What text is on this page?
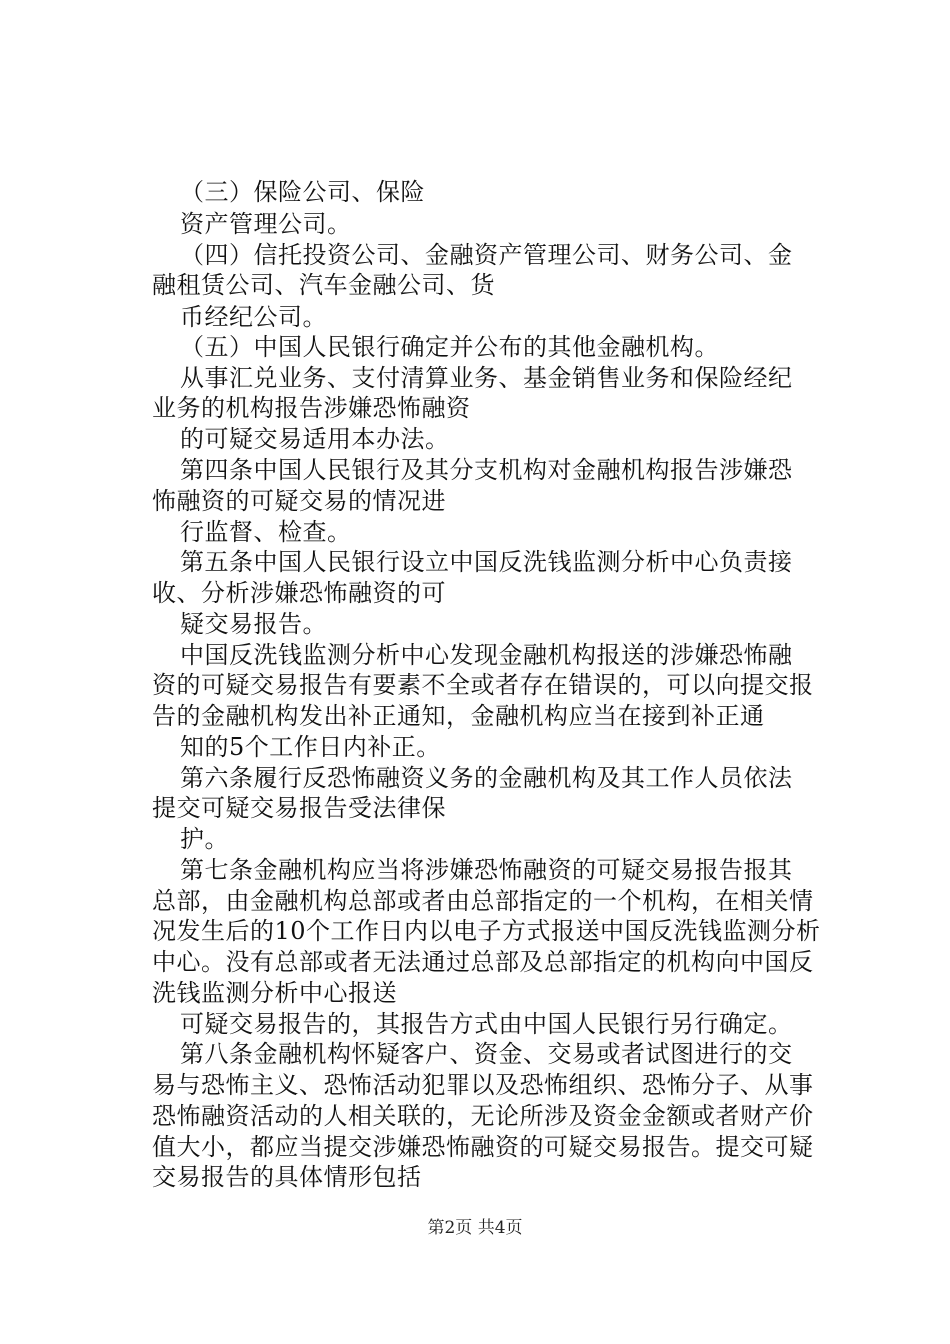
（三）保险公司、保险
资产管理公司。
（四）信托投资公司、金融资产管理公司、财务公司、金
融租赁公司、汽车金融公司、货
币经纪公司。
（五）中国人民银行确定并公布的其他金融机构。
从事汇兑业务、支付清算业务、基金销售业务和保险经纪
业务的机构报告涉嫌恐怖融资
的可疑交易适用本办法。
第四条中国人民银行及其分支机构对金融机构报告涉嫌恐
怖融资的可疑交易的情况进
行监督、检查。
第五条中国人民银行设立中国反洗钱监测分析中心负责接
收、分析涉嫌恐怖融资的可
疑交易报告。
中国反洗钱监测分析中心发现金融机构报送的涉嫌恐怖融
资的可疑交易报告有要素不全或者存在错误的，可以向提交报
告的金融机构发出补正通知，金融机构应当在接到补正通
知的5个工作日内补正。
第六条履行反恐怖融资义务的金融机构及其工作人员依法
提交可疑交易报告受法律保
护。
第七条金融机构应当将涉嫌恐怖融资的可疑交易报告报其
总部，由金融机构总部或者由总部指定的一个机构，在相关情
况发生后的10个工作日内以电子方式报送中国反洗钱监测分析
中心。没有总部或者无法通过总部及总部指定的机构向中国反
洗钱监测分析中心报送
可疑交易报告的，其报告方式由中国人民银行另行确定。
第八条金融机构怀疑客户、资金、交易或者试图进行的交
易与恐怖主义、恐怖活动犯罪以及恐怖组织、恐怖分子、从事
恐怖融资活动的人相关联的，无论所涉及资金金额或者财产价
值大小，都应当提交涉嫌恐怖融资的可疑交易报告。提交可疑
交易报告的具体情形包括
第2页 共4页
